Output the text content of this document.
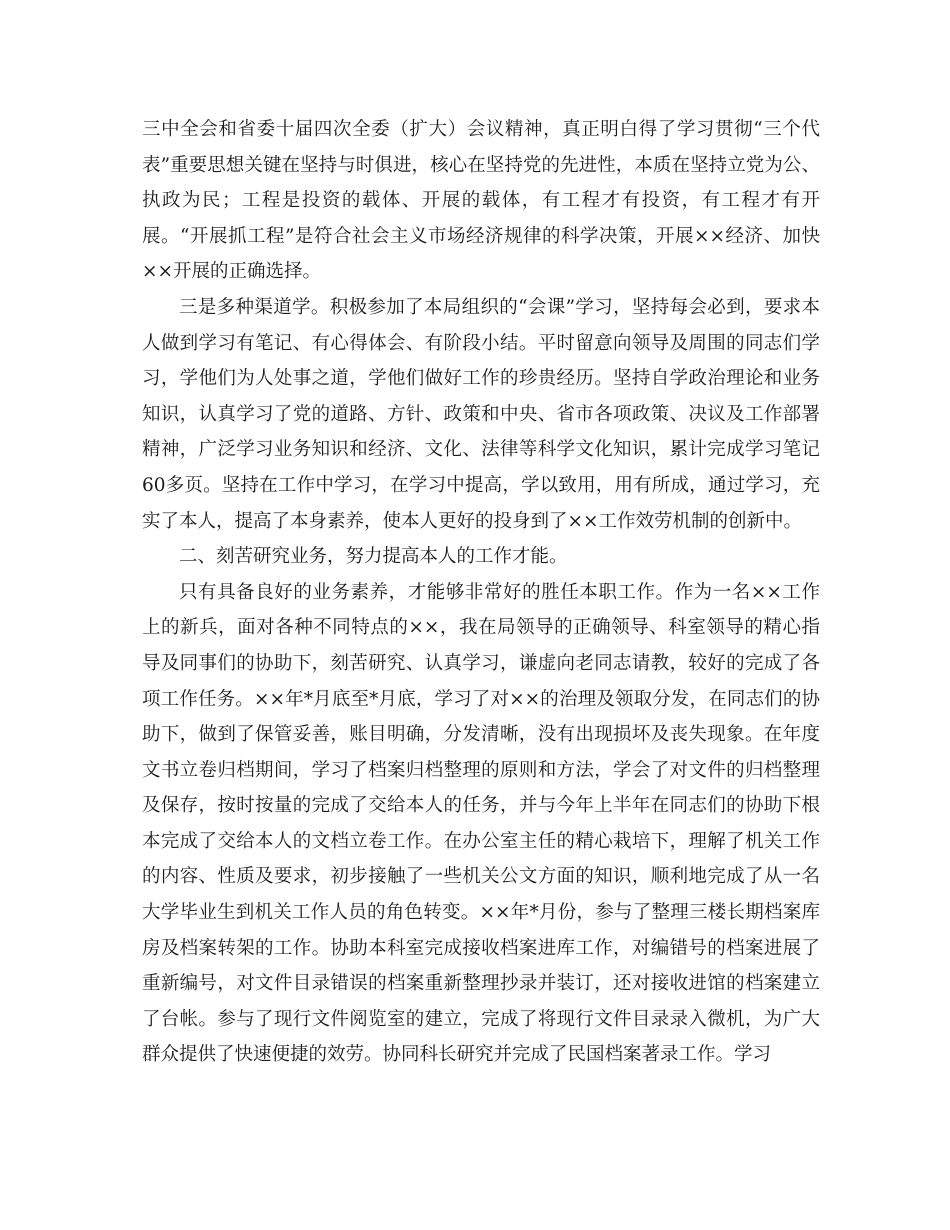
三中全会和省委十届四次全委（扩大）会议精神，真正明白得了学习贯彻“三个代表”重要思想关键在坚持与时俱进，核心在坚持党的先进性，本质在坚持立党为公、执政为民；工程是投资的载体、开展的载体，有工程才有投资，有工程才有开展。“开展抓工程”是符合社会主义市场经济规律的科学决策，开展××经济、加快××开展的正确选择。

三是多种渠道学。积极参加了本局组织的“会课”学习，坚持每会必到，要求本人做到学习有笔记、有心得体会、有阶段小结。平时留意向领导及周围的同志们学习，学他们为人处事之道，学他们做好工作的珍贵经历。坚持自学政治理论和业务知识，认真学习了党的道路、方针、政策和中央、省市各项政策、决议及工作部署精神，广泛学习业务知识和经济、文化、法律等科学文化知识，累计完成学习笔记60多页。坚持在工作中学习，在学习中提高，学以致用，用有所成，通过学习，充实了本人，提高了本身素养，使本人更好的投身到了××工作效劳机制的创新中。

二、刻苦研究业务，努力提高本人的工作才能。

只有具备良好的业务素养，才能够非常好的胜任本职工作。作为一名××工作上的新兵，面对各种不同特点的××，我在局领导的正确领导、科室领导的精心指导及同事们的协助下，刻苦研究、认真学习，谦虚向老同志请教，较好的完成了各项工作任务。××年*月底至*月底，学习了对××的治理及领取分发，在同志们的协助下，做到了保管妥善，账目明确，分发清晰，没有出现损坏及丧失现象。在年度文书立卷归档期间，学习了档案归档整理的原则和方法，学会了对文件的归档整理及保存，按时按量的完成了交给本人的任务，并与今年上半年在同志们的协助下根本完成了交给本人的文档立卷工作。在办公室主任的精心栽培下，理解了机关工作的内容、性质及要求，初步接触了一些机关公文方面的知识，顺利地完成了从一名大学毕业生到机关工作人员的角色转变。××年*月份，参与了整理三楼长期档案库房及档案转架的工作。协助本科室完成接收档案进库工作，对编错号的档案进展了重新编号，对文件目录错误的档案重新整理抄录并装订，还对接收进馆的档案建立了台帐。参与了现行文件阅览室的建立，完成了将现行文件目录录入微机，为广大群众提供了快速便捷的效劳。协同科长研究并完成了民国档案著录工作。学习
